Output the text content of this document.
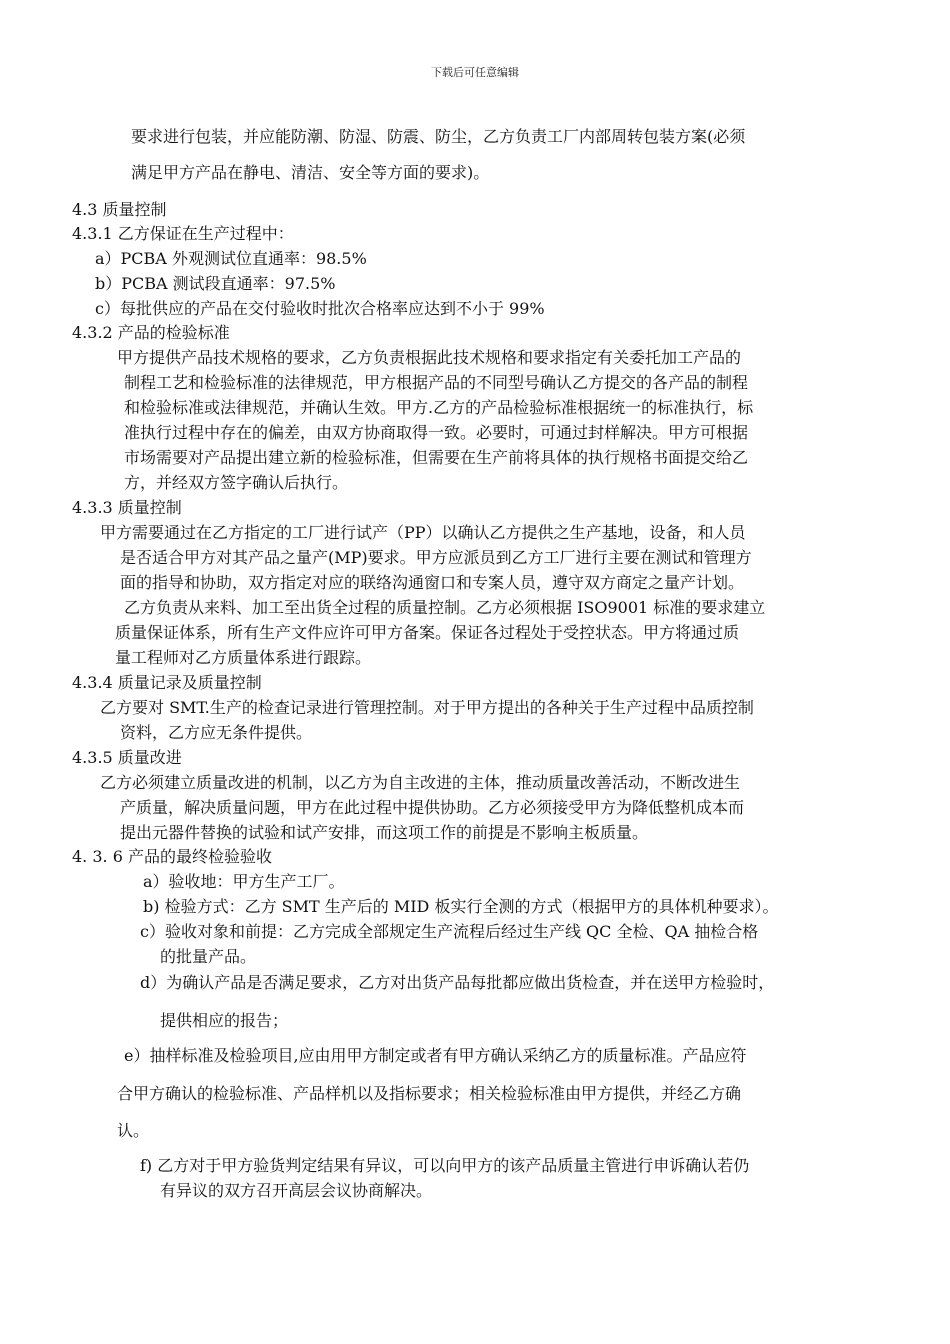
下载后可任意编辑

要求进行包装，并应能防潮、防湿、防震、防尘，乙方负责工厂内部周转包装方案(必须

满足甲方产品在静电、清洁、安全等方面的要求)。

4.3 质量控制

4.3.1 乙方保证在生产过程中：

a）PCBA 外观测试位直通率：98.5%

b）PCBA 测试段直通率：97.5%

c）每批供应的产品在交付验收时批次合格率应达到不小于 99%

4.3.2 产品的检验标准

甲方提供产品技术规格的要求，乙方负责根据此技术规格和要求指定有关委托加工产品的

制程工艺和检验标准的法律规范，甲方根据产品的不同型号确认乙方提交的各产品的制程

和检验标准或法律规范，并确认生效。甲方.乙方的产品检验标准根据统一的标准执行，标

准执行过程中存在的偏差，由双方协商取得一致。必要时，可通过封样解决。甲方可根据

市场需要对产品提出建立新的检验标准，但需要在生产前将具体的执行规格书面提交给乙

方，并经双方签字确认后执行。

4.3.3 质量控制

甲方需要通过在乙方指定的工厂进行试产（PP）以确认乙方提供之生产基地，设备，和人员

是否适合甲方对其产品之量产(MP)要求。甲方应派员到乙方工厂进行主要在测试和管理方

面的指导和协助，双方指定对应的联络沟通窗口和专案人员，遵守双方商定之量产计划。

乙方负责从来料、加工至出货全过程的质量控制。乙方必须根据 ISO9001 标准的要求建立

质量保证体系，所有生产文件应许可甲方备案。保证各过程处于受控状态。甲方将通过质

量工程师对乙方质量体系进行跟踪。

4.3.4 质量记录及质量控制

乙方要对 SMT.生产的检查记录进行管理控制。对于甲方提出的各种关于生产过程中品质控制

资料，乙方应无条件提供。

4.3.5 质量改进

乙方必须建立质量改进的机制，以乙方为自主改进的主体，推动质量改善活动，不断改进生

产质量，解决质量问题，甲方在此过程中提供协助。乙方必须接受甲方为降低整机成本而

提出元器件替换的试验和试产安排，而这项工作的前提是不影响主板质量。

4. 3. 6 产品的最终检验验收

a）验收地：甲方生产工厂。

b) 检验方式：乙方 SMT 生产后的 MID 板实行全测的方式（根据甲方的具体机种要求）。

c）验收对象和前提：乙方完成全部规定生产流程后经过生产线 QC 全检、QA 抽检合格

的批量产品。

d）为确认产品是否满足要求，乙方对出货产品每批都应做出货检查，并在送甲方检验时，

提供相应的报告；

e）抽样标准及检验项目,应由用甲方制定或者有甲方确认采纳乙方的质量标准。产品应符

合甲方确认的检验标准、产品样机以及指标要求；相关检验标准由甲方提供，并经乙方确

认。

f) 乙方对于甲方验货判定结果有异议，可以向甲方的该产品质量主管进行申诉确认若仍

有异议的双方召开高层会议协商解决。
